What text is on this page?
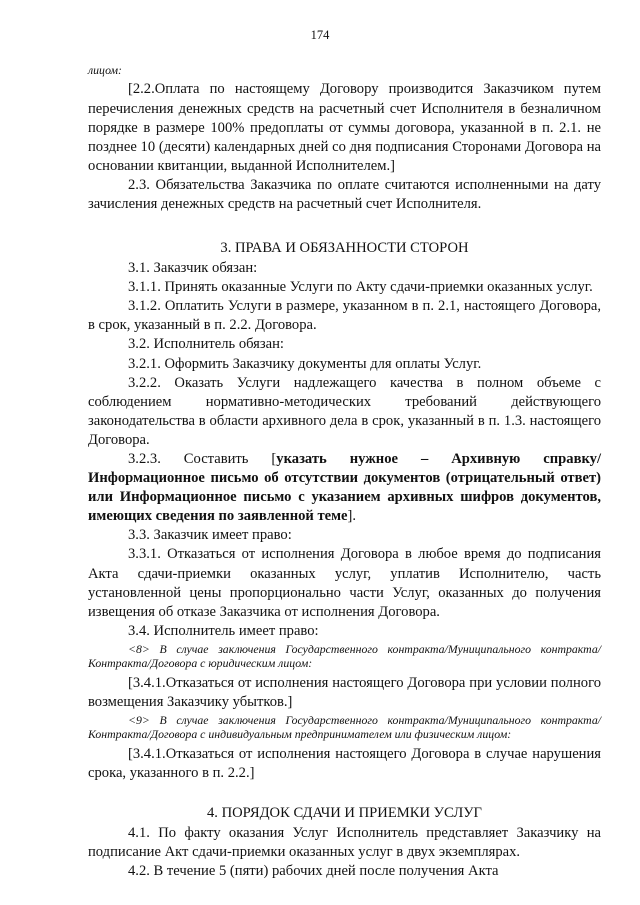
174

лицом:

[2.2.Оплата по настоящему Договору производится Заказчиком путем перечисления денежных средств на расчетный счет Исполнителя в безналичном порядке в размере 100% предоплаты от суммы договора, указанной в п. 2.1. не позднее 10 (десяти) календарных дней со дня подписания Сторонами Договора на основании квитанции, выданной Исполнителем.]

2.3. Обязательства Заказчика по оплате считаются исполненными на дату зачисления денежных средств на расчетный счет Исполнителя.

3. ПРАВА И ОБЯЗАННОСТИ СТОРОН

3.1. Заказчик обязан:

3.1.1. Принять оказанные Услуги по Акту сдачи-приемки оказанных услуг.

3.1.2. Оплатить Услуги в размере, указанном в п. 2.1, настоящего Договора, в срок, указанный в п. 2.2. Договора.

3.2. Исполнитель обязан:

3.2.1. Оформить Заказчику документы для оплаты Услуг.

3.2.2. Оказать Услуги надлежащего качества в полном объеме с соблюдением нормативно-методических требований действующего законодательства в области архивного дела в срок, указанный в п. 1.3. настоящего Договора.

3.2.3. Составить [указать нужное – Архивную справку/Информационное письмо об отсутствии документов (отрицательный ответ) или Информационное письмо с указанием архивных шифров документов, имеющих сведения по заявленной теме].

3.3. Заказчик имеет право:

3.3.1. Отказаться от исполнения Договора в любое время до подписания Акта сдачи-приемки оказанных услуг, уплатив Исполнителю, часть установленной цены пропорционально части Услуг, оказанных до получения извещения об отказе Заказчика от исполнения Договора.

3.4. Исполнитель имеет право:

<8> В случае заключения Государственного контракта/Муниципального контракта/Контракта/Договора с юридическим лицом:

[3.4.1.Отказаться от исполнения настоящего Договора при условии полного возмещения Заказчику убытков.]

<9> В случае заключения Государственного контракта/Муниципального контракта/Контракта/Договора с индивидуальным предпринимателем или физическим лицом:

[3.4.1.Отказаться от исполнения настоящего Договора в случае нарушения срока, указанного в п. 2.2.]

4. ПОРЯДОК СДАЧИ И ПРИЕМКИ УСЛУГ

4.1. По факту оказания Услуг Исполнитель представляет Заказчику на подписание Акт сдачи-приемки оказанных услуг в двух экземплярах.

4.2. В течение 5 (пяти) рабочих дней после получения Акта
